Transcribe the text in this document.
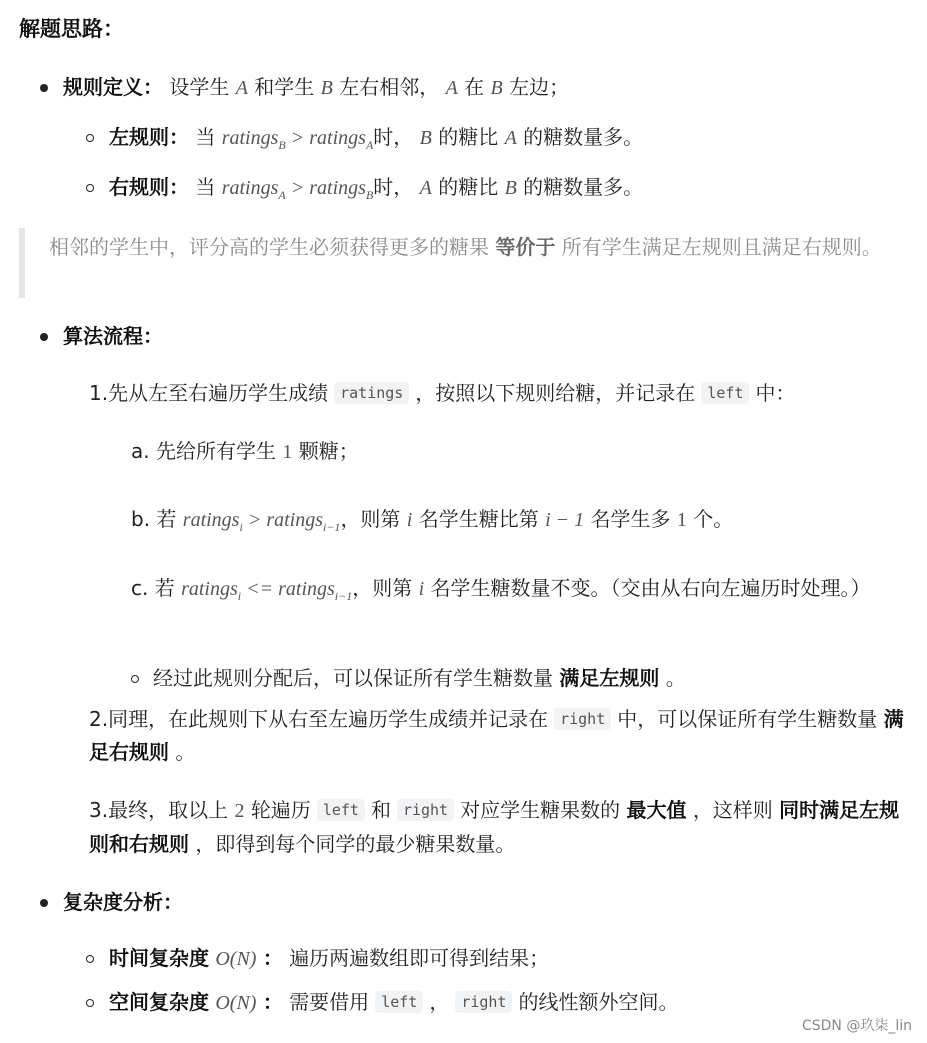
解题思路：
规则定义： 设学生 A 和学生 B 左右相邻， A 在 B 左边；
左规则： 当 ratings$_B$ > ratings$_A$时， B 的糖比 A 的糖数量多。
右规则： 当 ratings$_A$ > ratings$_B$时， A 的糖比 B 的糖数量多。
相邻的学生中，评分高的学生必须获得更多的糖果 等价于 所有学生满足左规则且满足右规则。
算法流程：
1.先从左至右遍历学生成绩 ratings ，按照以下规则给糖，并记录在 left 中：
a. 先给所有学生 1 颗糖；
b. 若 ratings$_i$ > ratings$_{i-1}$，则第 i 名学生糖比第 i − 1 名学生多 1 个。
c. 若 ratings$_i$ <= ratings$_{i-1}$，则第 i 名学生糖数量不变。（交由从右向左遍历时处理。）
经过此规则分配后，可以保证所有学生糖数量 满足左规则 。
2.同理，在此规则下从右至左遍历学生成绩并记录在 right 中，可以保证所有学生糖数量 满足右规则 。
3.最终，取以上 2 轮遍历 left 和 right 对应学生糖果数的 最大值 ，这样则 同时满足左规则和右规则 ，即得到每个同学的最少糖果数量。
复杂度分析：
时间复杂度 O(N) ： 遍历两遍数组即可得到结果；
空间复杂度 O(N) ： 需要借用 left ， right 的线性额外空间。
CSDN @玖柒_lin
